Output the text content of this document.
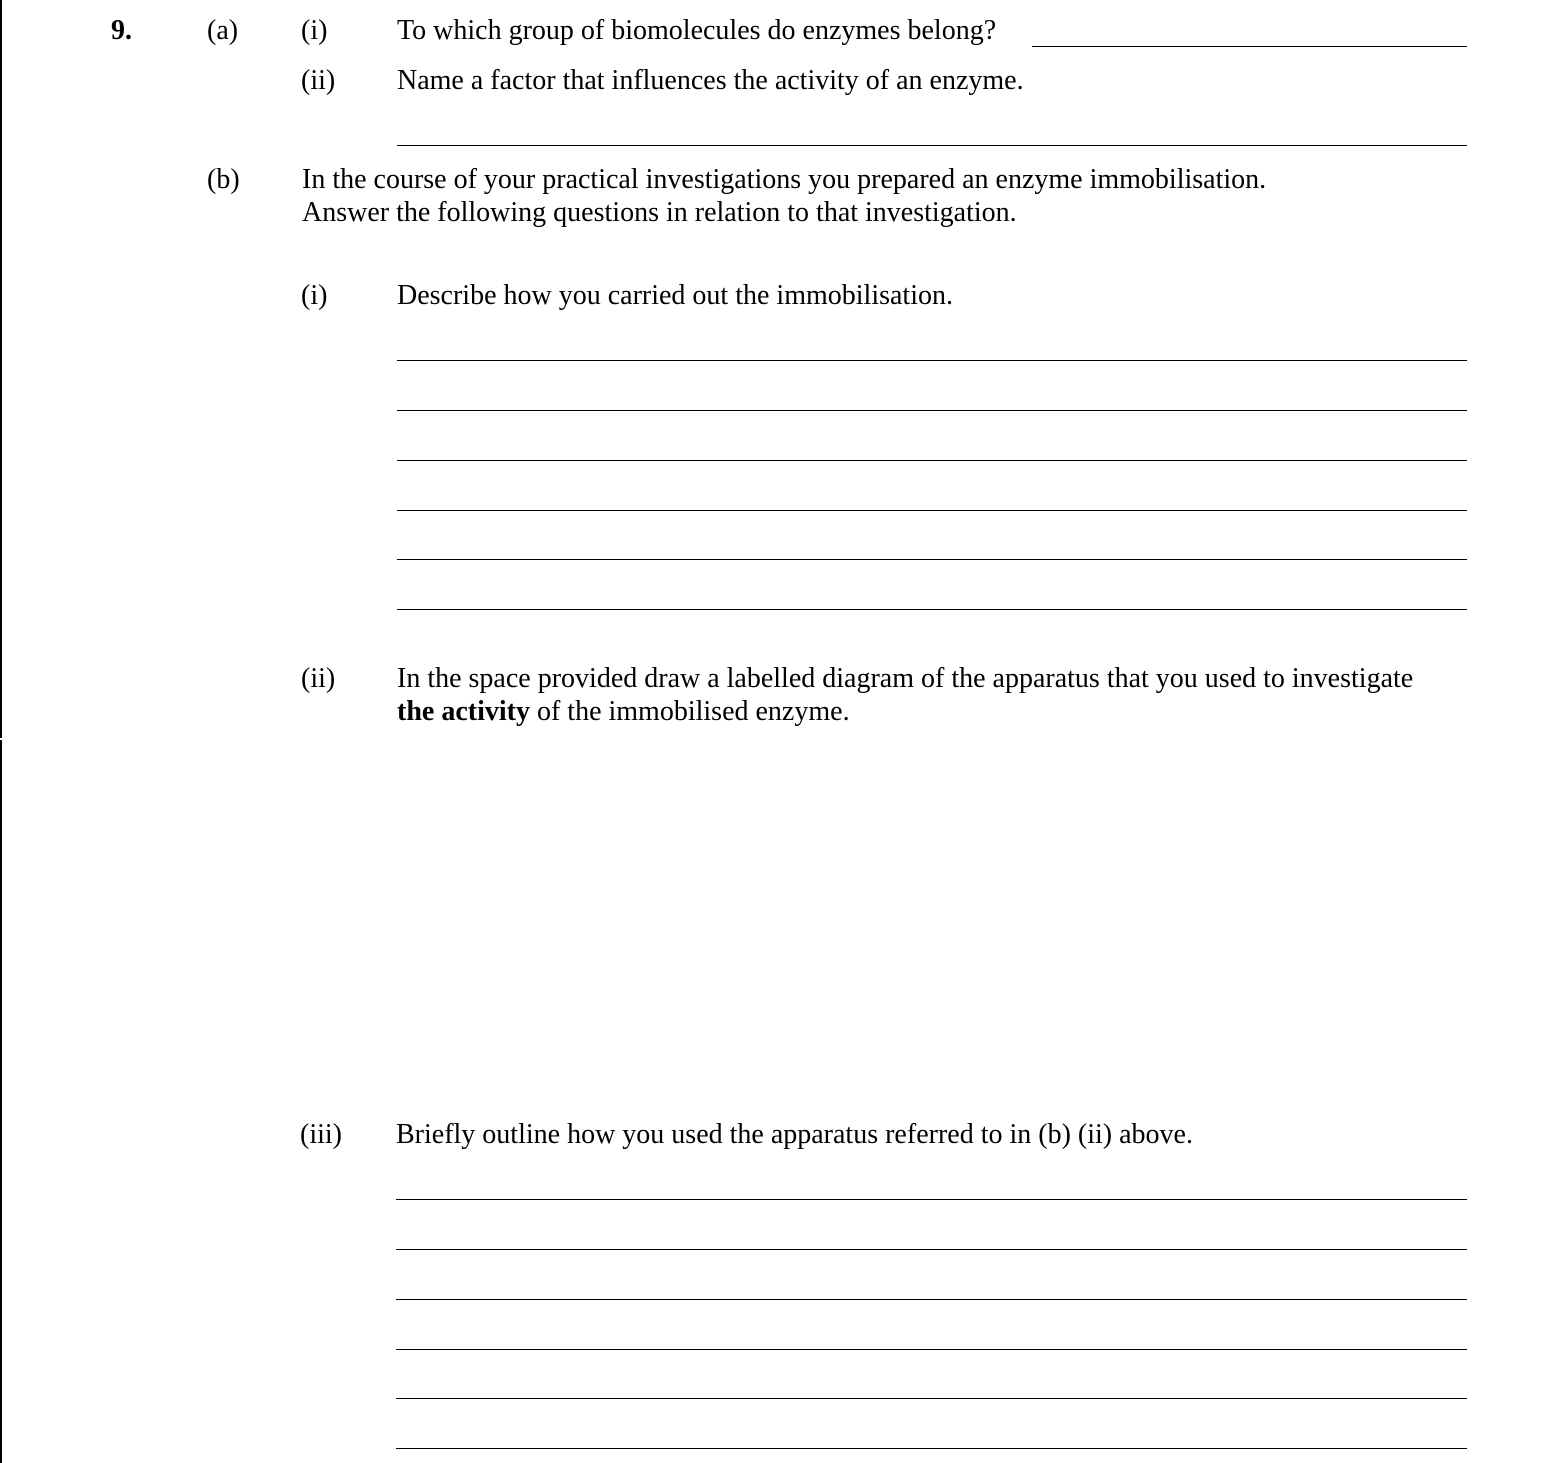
9.	(a) (i) To which group of biomolecules do enzymes belong?
(ii) Name a factor that influences the activity of an enzyme.
(b) In the course of your practical investigations you prepared an enzyme immobilisation.
Answer the following questions in relation to that investigation.
(i) Describe how you carried out the immobilisation.
(ii) In the space provided draw a labelled diagram of the apparatus that you used to investigate
the activity of the immobilised enzyme.
(iii) Briefly outline how you used the apparatus referred to in (b) (ii) above.
